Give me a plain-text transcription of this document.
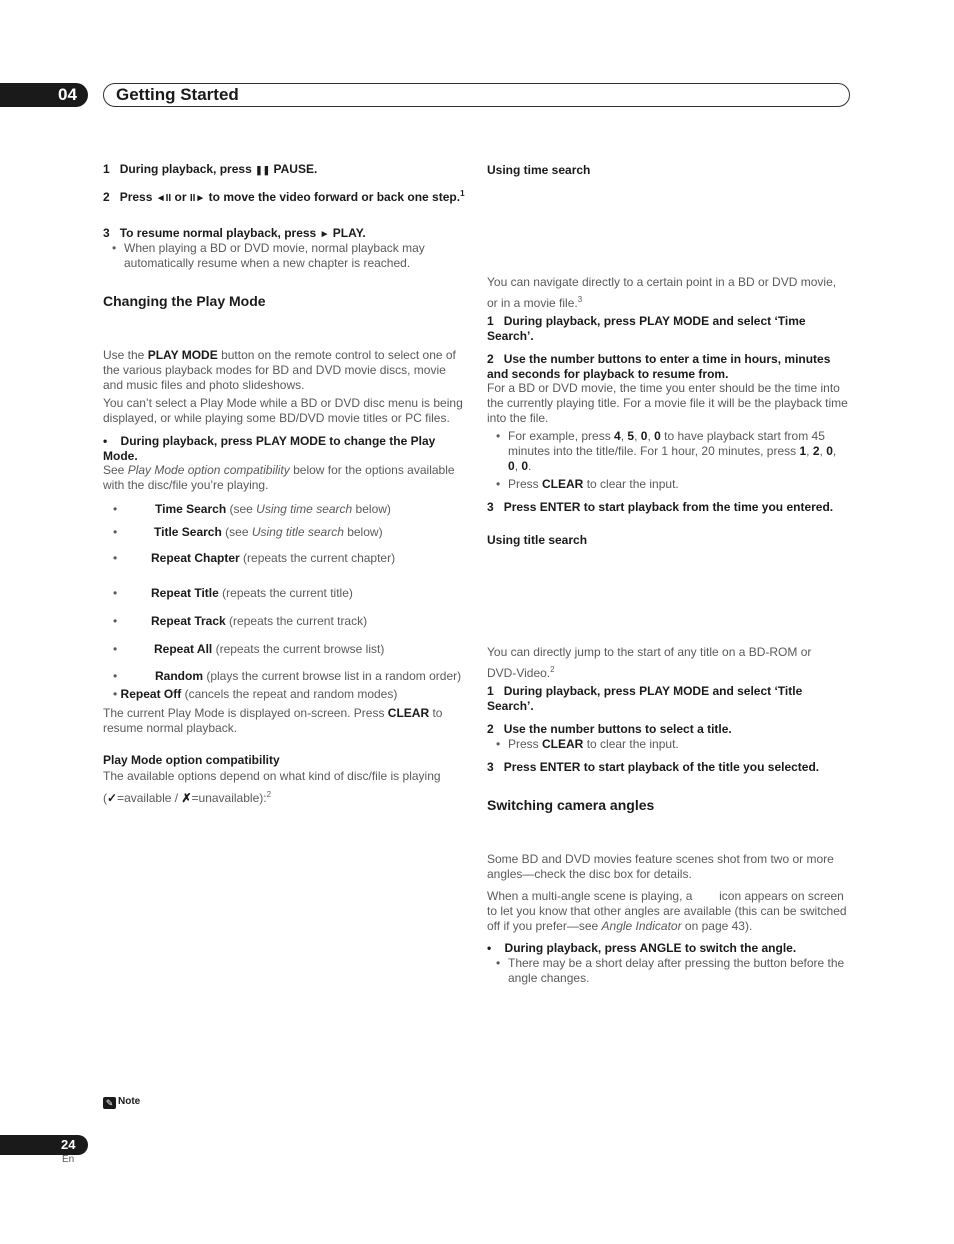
04 Getting Started
1 During playback, press ❚❚ PAUSE.
2 Press ◄II or II► to move the video forward or back one step.$^1$
3 To resume normal playback, press ► PLAY.
• When playing a BD or DVD movie, normal playback may automatically resume when a new chapter is reached.
Changing the Play Mode
Use the PLAY MODE button on the remote control to select one of the various playback modes for BD and DVD movie discs, movie and music files and photo slideshows.
You can’t select a Play Mode while a BD or DVD disc menu is being displayed, or while playing some BD/DVD movie titles or PC files.
• During playback, press PLAY MODE to change the Play Mode.
See Play Mode option compatibility below for the options available with the disc/file you’re playing.
•	Time Search (see Using time search below)
•	Title Search (see Using title search below)
•	Repeat Chapter (repeats the current chapter)
•	Repeat Title (repeats the current title)
•	Repeat Track (repeats the current track)
•	Repeat All (repeats the current browse list)
•	Random (plays the current browse list in a random order)
• Repeat Off (cancels the repeat and random modes)
The current Play Mode is displayed on-screen. Press CLEAR to resume normal playback.
Play Mode option compatibility
The available options depend on what kind of disc/file is playing
(✓=available / ✗=unavailable):$^2$
Using time search
You can navigate directly to a certain point in a BD or DVD movie, or in a movie file.$^3$
1 During playback, press PLAY MODE and select ‘Time Search’.
2 Use the number buttons to enter a time in hours, minutes and seconds for playback to resume from.
For a BD or DVD movie, the time you enter should be the time into the currently playing title. For a movie file it will be the playback time into the file.
• For example, press 4, 5, 0, 0 to have playback start from 45 minutes into the title/file. For 1 hour, 20 minutes, press 1, 2, 0, 0, 0.
• Press CLEAR to clear the input.
3 Press ENTER to start playback from the time you entered.
Using title search
You can directly jump to the start of any title on a BD-ROM or DVD-Video.$^2$
1 During playback, press PLAY MODE and select ‘Title Search’.
2 Use the number buttons to select a title.
• Press CLEAR to clear the input.
3 Press ENTER to start playback of the title you selected.
Switching camera angles
Some BD and DVD movies feature scenes shot from two or more angles—check the disc box for details.
When a multi-angle scene is playing, a        icon appears on screen to let you know that other angles are available (this can be switched off if you prefer—see Angle Indicator on page 43).
• During playback, press ANGLE to switch the angle.
• There may be a short delay after pressing the button before the angle changes.
✎ Note
24
En
